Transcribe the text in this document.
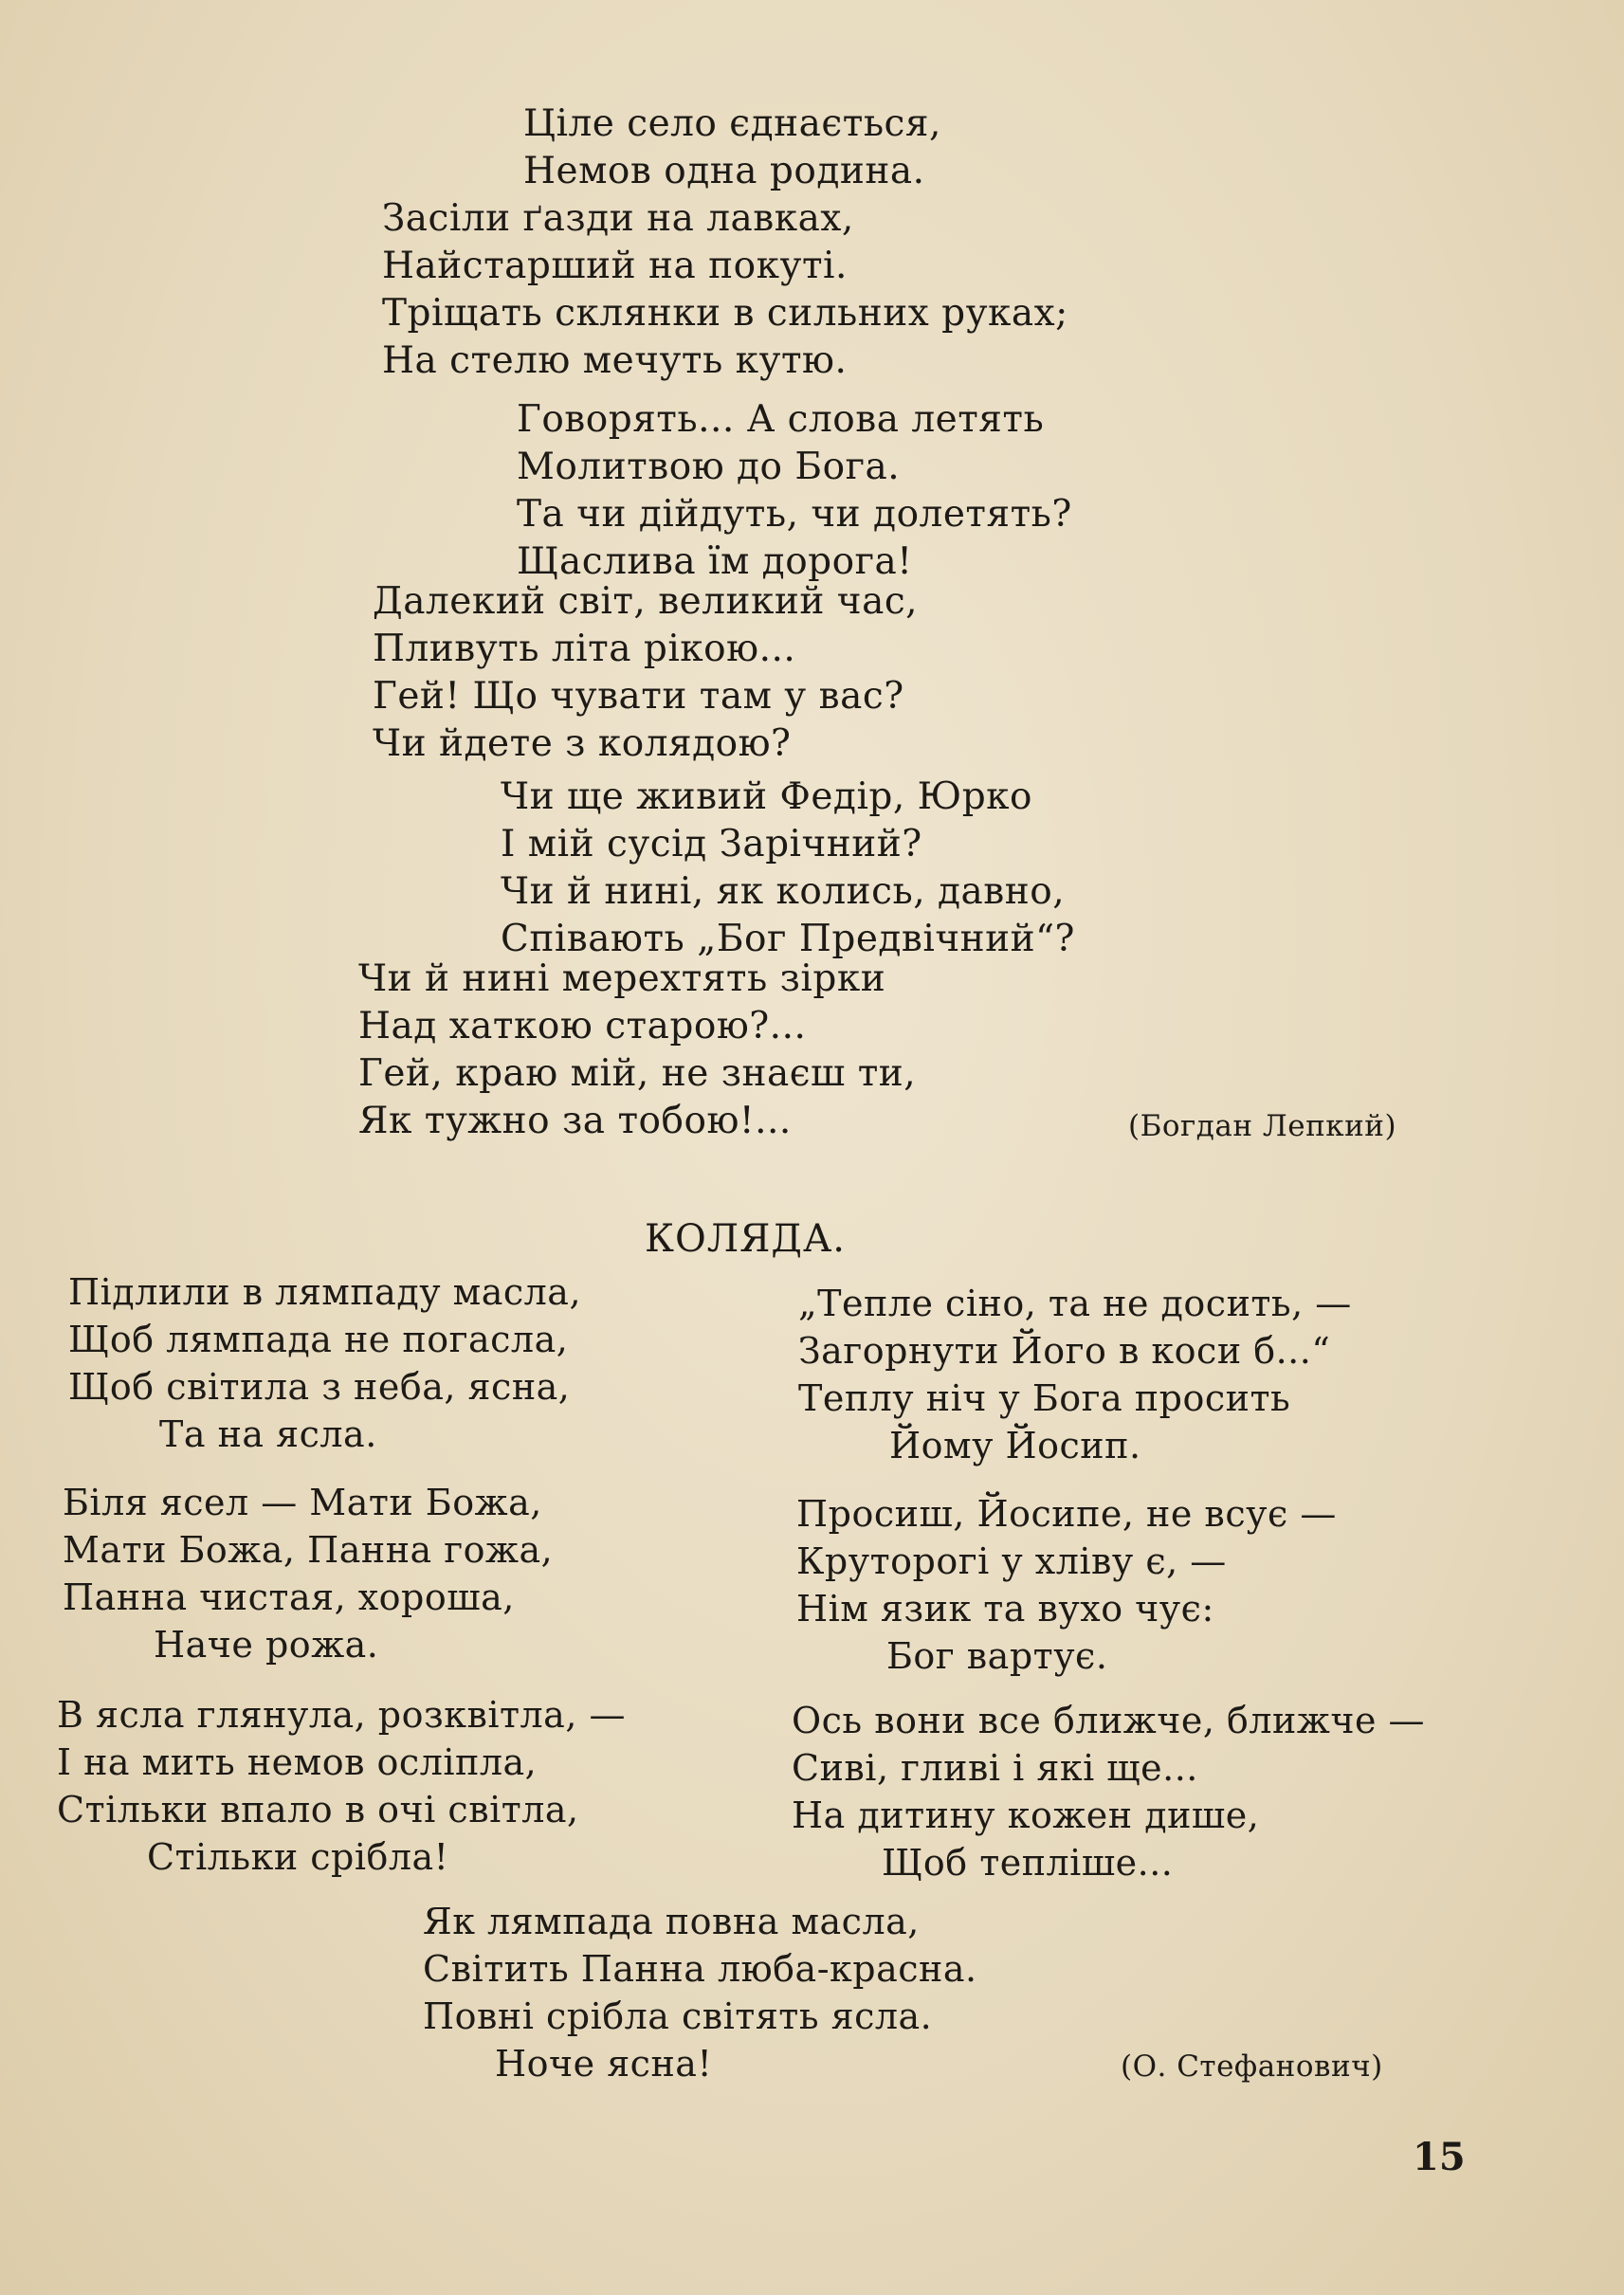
Ціле село єднається,
Немов одна родина.
Засіли ґазди на лавках,
Найстарший на покуті.
Тріщать склянки в сильних руках;
На стелю мечуть кутю.
Говорять... А слова летять
Молитвою до Бога.
Та чи дійдуть, чи долетять?
Щаслива їм дорога!
Далекий світ, великий час,
Пливуть літа рікою...
Гей! Що чувати там у вас?
Чи йдете з колядою?
Чи ще живий Федір, Юрко
І мій сусід Зарічний?
Чи й нині, як колись, давно,
Співають „Бог Предвічний“?
Чи й нині мерехтять зірки
Над хаткою старою?...
Гей, краю мій, не знаєш ти,
Як тужно за тобою!...	(Богдан Лепкий)
КОЛЯДА.
Підлили в лямпаду масла,
Щоб лямпада не погасла,
Щоб світила з неба, ясна,
Та на ясла.
Біля ясел — Мати Божа,
Мати Божа, Панна гожа,
Панна чистая, хороша,
Наче рожа.
В ясла глянула, розквітла, —
І на мить немов осліпла,
Стільки впало в очі світла,
Стільки срібла!
„Тепле сіно, та не досить, —
Загорнути Його в коси б...“
Теплу ніч у Бога просить
Йому Йосип.
Просиш, Йосипе, не всує —
Круторогі у хліву є, —
Нім язик та вухо чує:
Бог вартує.
Ось вони все ближче, ближче —
Сиві, гливі і які ще...
На дитину кожен дише,
Щоб тепліше...
Як лямпада повна масла,
Світить Панна люба-красна.
Повні срібла світять ясла.
Ноче ясна!	(О. Стефанович)
15
